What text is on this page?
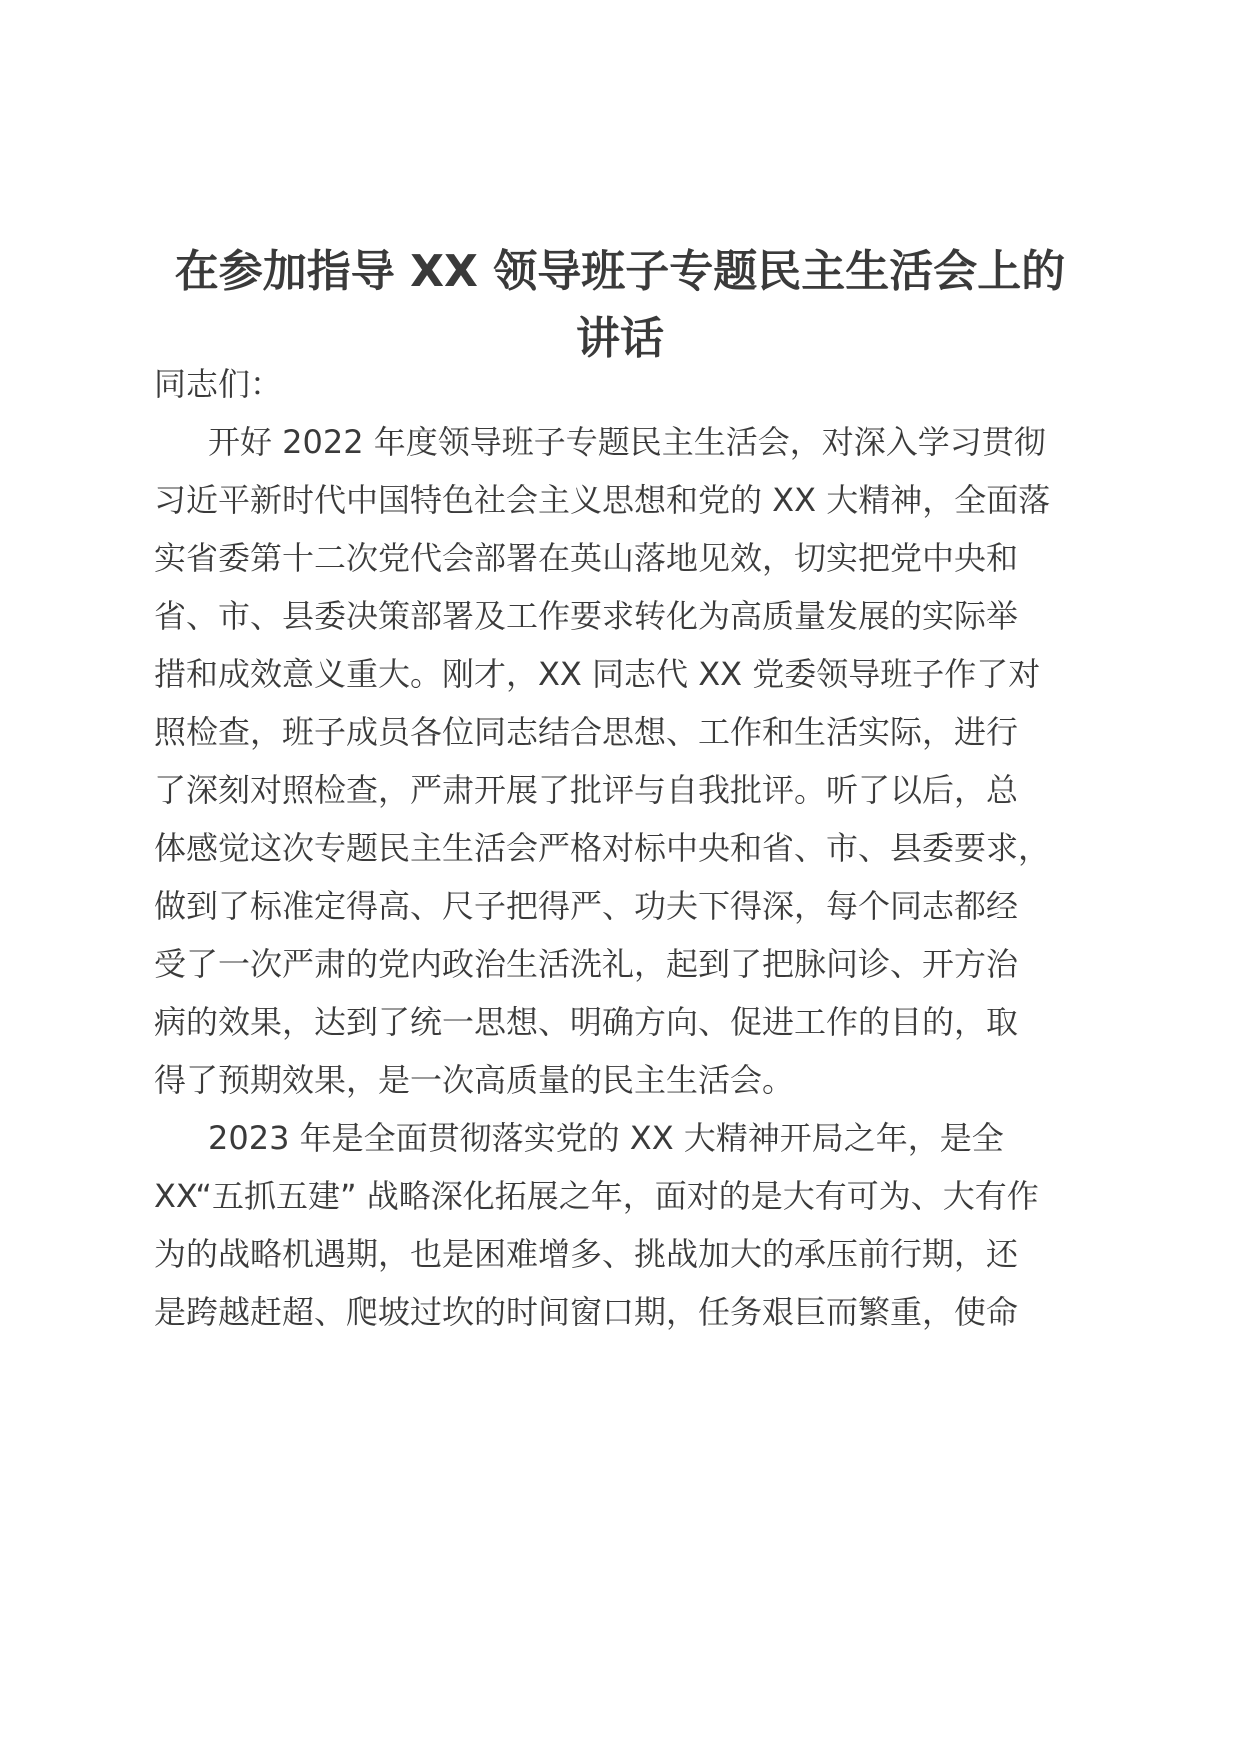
在参加指导 XX 领导班子专题民主生活会上的
讲话
同志们：
开好 2022 年度领导班子专题民主生活会，对深入学习贯彻
习近平新时代中国特色社会主义思想和党的 XX 大精神，全面落
实省委第十二次党代会部署在英山落地见效，切实把党中央和
省、市、县委决策部署及工作要求转化为高质量发展的实际举
措和成效意义重大。刚才，XX 同志代 XX 党委领导班子作了对
照检查，班子成员各位同志结合思想、工作和生活实际，进行
了深刻对照检查，严肃开展了批评与自我批评。听了以后，总
体感觉这次专题民主生活会严格对标中央和省、市、县委要求，
做到了标准定得高、尺子把得严、功夫下得深，每个同志都经
受了一次严肃的党内政治生活洗礼，起到了把脉问诊、开方治
病的效果，达到了统一思想、明确方向、促进工作的目的，取
得了预期效果，是一次高质量的民主生活会。
2023 年是全面贯彻落实党的 XX 大精神开局之年，是全
XX“五抓五建” 战略深化拓展之年，面对的是大有可为、大有作
为的战略机遇期，也是困难增多、挑战加大的承压前行期，还
是跨越赶超、爬坡过坎的时间窗口期，任务艰巨而繁重，使命
